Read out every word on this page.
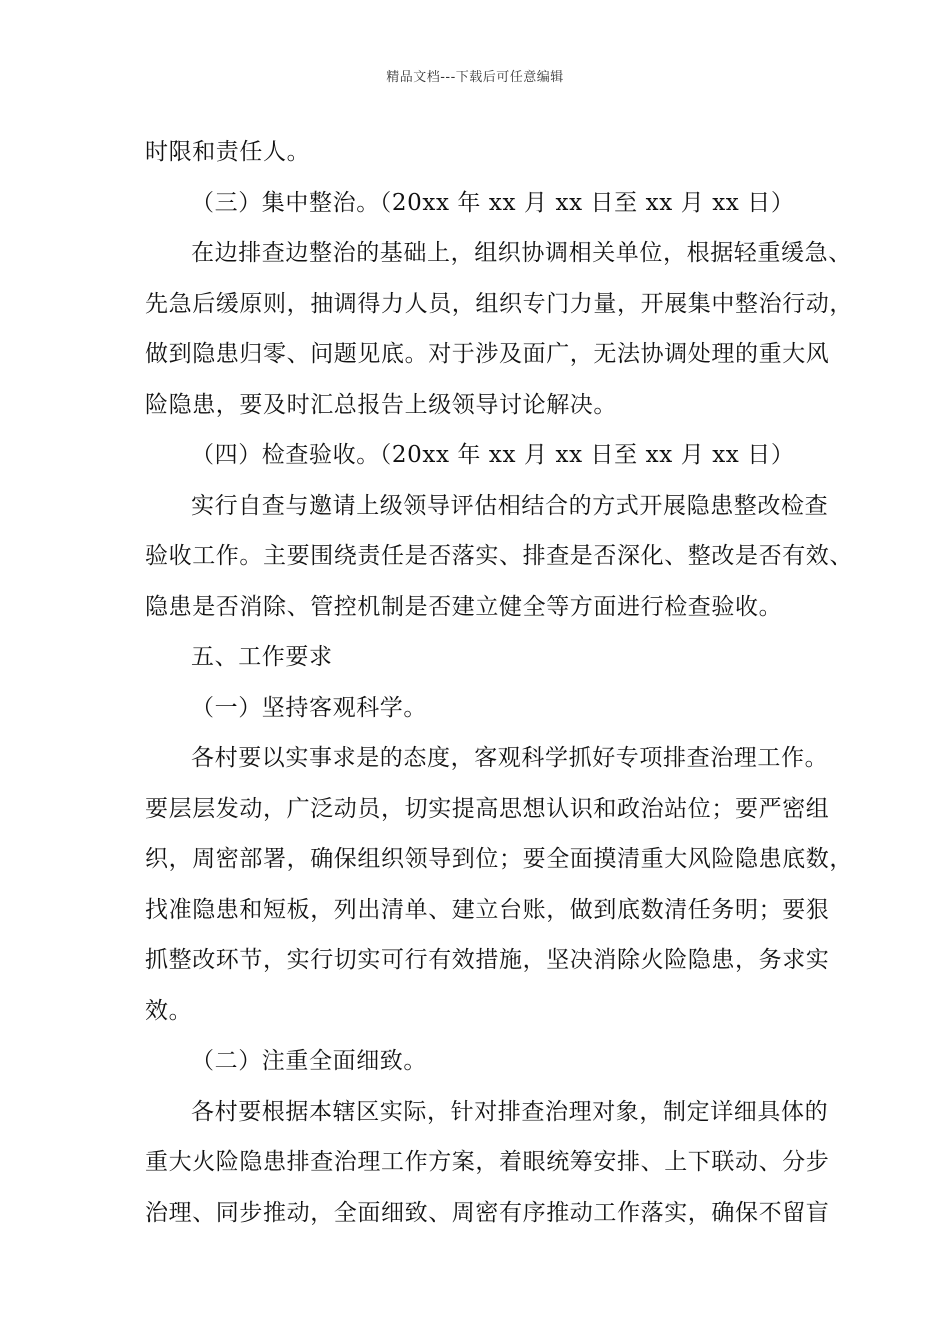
精品文档---下载后可任意编辑
时限和责任人。
（三）集中整治。（20xx 年 xx 月 xx 日至 xx 月 xx 日）
在边排查边整治的基础上，组织协调相关单位，根据轻重缓急、
先急后缓原则，抽调得力人员，组织专门力量，开展集中整治行动，
做到隐患归零、问题见底。对于涉及面广，无法协调处理的重大风
险隐患，要及时汇总报告上级领导讨论解决。
（四）检查验收。（20xx 年 xx 月 xx 日至 xx 月 xx 日）
实行自查与邀请上级领导评估相结合的方式开展隐患整改检查
验收工作。主要围绕责任是否落实、排查是否深化、整改是否有效、
隐患是否消除、管控机制是否建立健全等方面进行检查验收。
五、工作要求
（一）坚持客观科学。
各村要以实事求是的态度，客观科学抓好专项排查治理工作。
要层层发动，广泛动员，切实提高思想认识和政治站位；要严密组
织，周密部署，确保组织领导到位；要全面摸清重大风险隐患底数，
找准隐患和短板，列出清单、建立台账，做到底数清任务明；要狠
抓整改环节，实行切实可行有效措施，坚决消除火险隐患，务求实
效。
（二）注重全面细致。
各村要根据本辖区实际，针对排查治理对象，制定详细具体的
重大火险隐患排查治理工作方案，着眼统筹安排、上下联动、分步
治理、同步推动，全面细致、周密有序推动工作落实，确保不留盲
